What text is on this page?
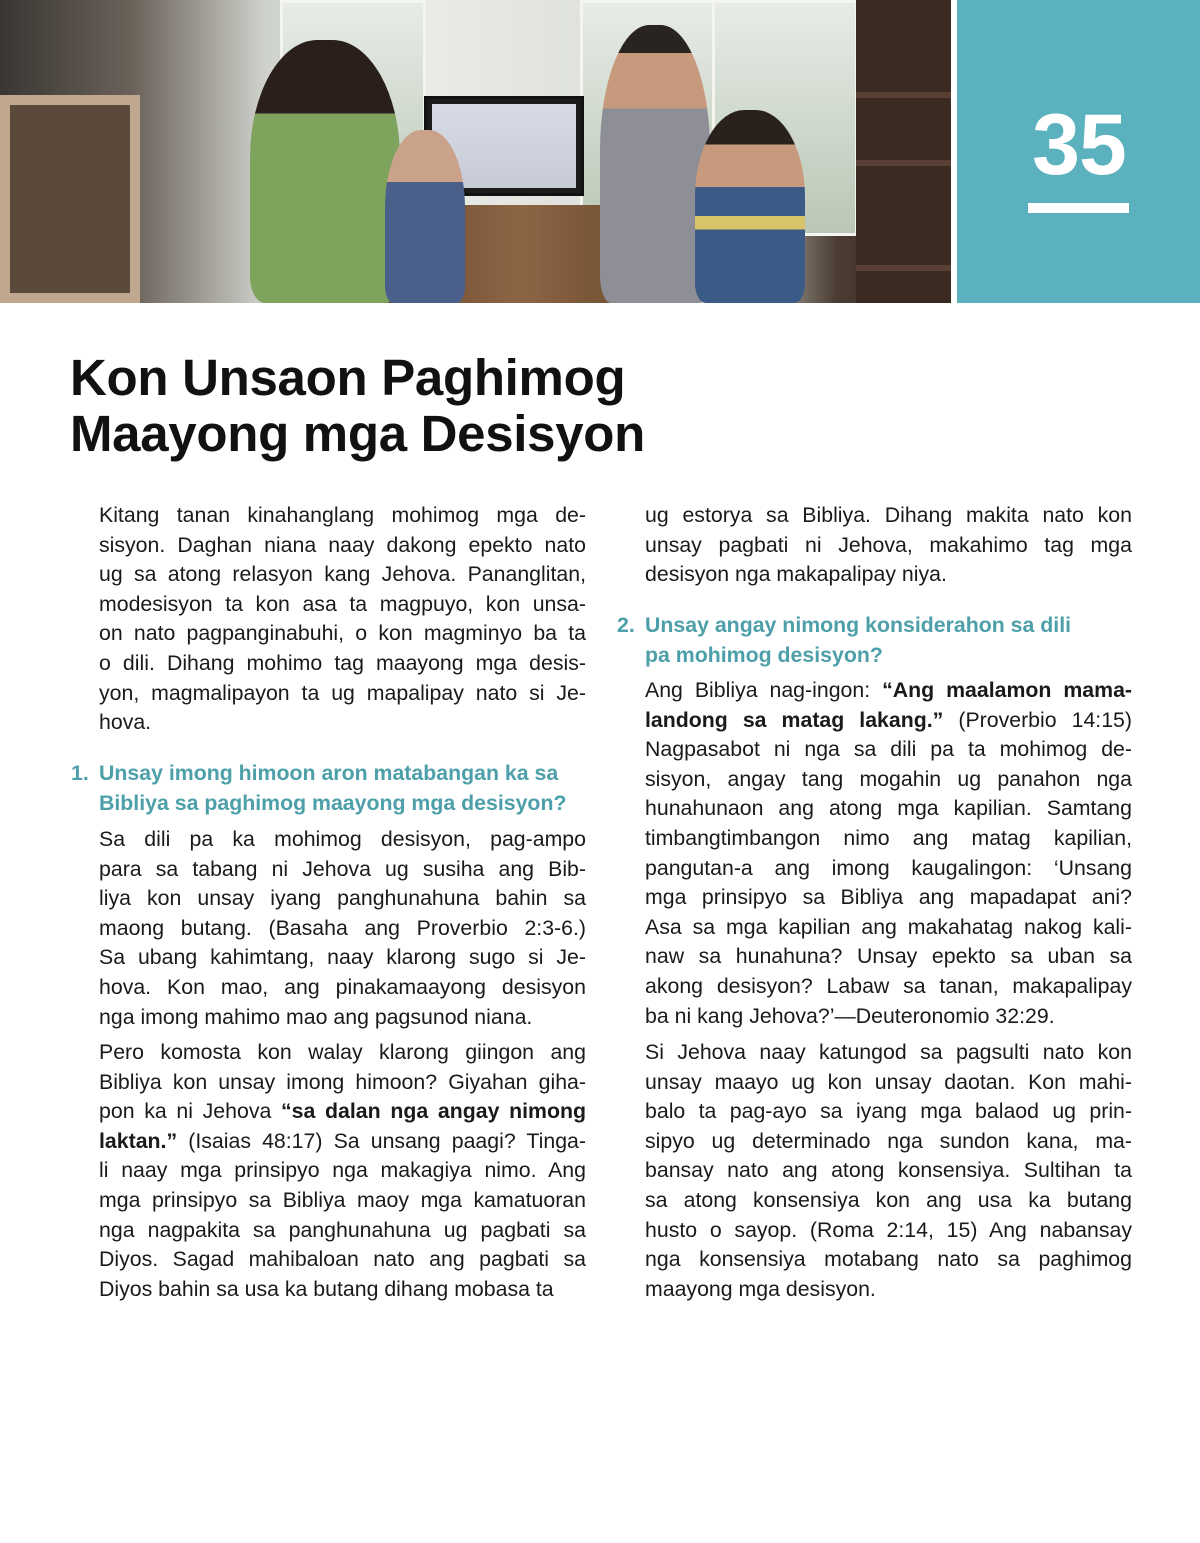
35
Kon Unsaon Paghimog
Maayong mga Desisyon
Kitang tanan kinahanglang mohimog mga de-
sisyon. Daghan niana naay dakong epekto nato
ug sa atong relasyon kang Jehova. Pananglitan,
modesisyon ta kon asa ta magpuyo, kon unsa-
on nato pagpanginabuhi, o kon magminyo ba ta
o dili. Dihang mohimo tag maayong mga desis-
yon, magmalipayon ta ug mapalipay nato si Je-
hova.
1. Unsay imong himoon aron matabangan ka sa
Bibliya sa paghimog maayong mga desisyon?
Sa dili pa ka mohimog desisyon, pag-ampo
para sa tabang ni Jehova ug susiha ang Bib-
liya kon unsay iyang panghunahuna bahin sa
maong butang. (Basaha ang Proverbio 2:3-6.)
Sa ubang kahimtang, naay klarong sugo si Je-
hova. Kon mao, ang pinakamaayong desisyon
nga imong mahimo mao ang pagsunod niana.
Pero komosta kon walay klarong giingon ang
Bibliya kon unsay imong himoon? Giyahan giha-
pon ka ni Jehova “sa dalan nga angay nimong
laktan.” (Isaias 48:17) Sa unsang paagi? Tinga-
li naay mga prinsipyo nga makagiya nimo. Ang
mga prinsipyo sa Bibliya maoy mga kamatuoran
nga nagpakita sa panghunahuna ug pagbati sa
Diyos. Sagad mahibaloan nato ang pagbati sa
Diyos bahin sa usa ka butang dihang mobasa ta
ug estorya sa Bibliya. Dihang makita nato kon
unsay pagbati ni Jehova, makahimo tag mga
desisyon nga makapalipay niya.
2. Unsay angay nimong konsiderahon sa dili
pa mohimog desisyon?
Ang Bibliya nag-ingon: “Ang maalamon mama-
landong sa matag lakang.” (Proverbio 14:15)
Nagpasabot ni nga sa dili pa ta mohimog de-
sisyon, angay tang mogahin ug panahon nga
hunahunaon ang atong mga kapilian. Samtang
timbangtimbangon nimo ang matag kapilian,
pangutan-a ang imong kaugalingon: ‘Unsang
mga prinsipyo sa Bibliya ang mapadapat ani?
Asa sa mga kapilian ang makahatag nakog kali-
naw sa hunahuna? Unsay epekto sa uban sa
akong desisyon? Labaw sa tanan, makapalipay
ba ni kang Jehova?’—Deuteronomio 32:29.
Si Jehova naay katungod sa pagsulti nato kon
unsay maayo ug kon unsay daotan. Kon mahi-
balo ta pag-ayo sa iyang mga balaod ug prin-
sipyo ug determinado nga sundon kana, ma-
bansay nato ang atong konsensiya. Sultihan ta
sa atong konsensiya kon ang usa ka butang
husto o sayop. (Roma 2:14, 15) Ang nabansay
nga konsensiya motabang nato sa paghimog
maayong mga desisyon.
